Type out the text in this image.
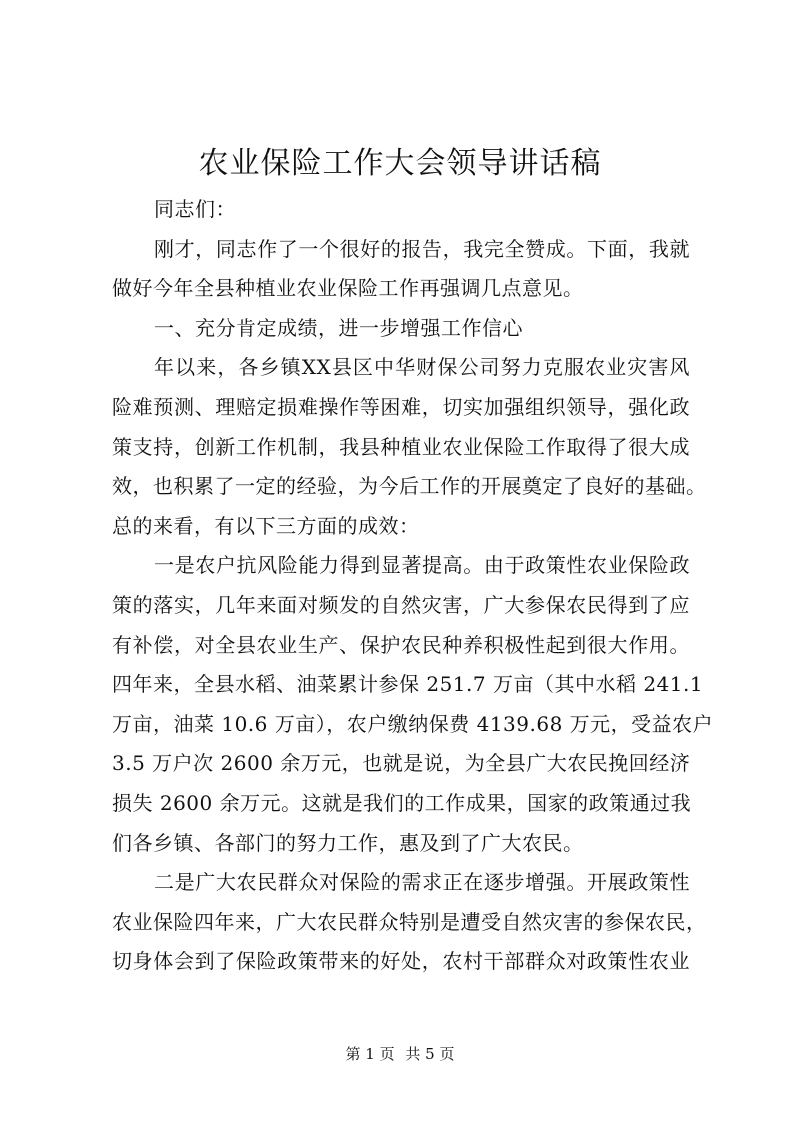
农业保险工作大会领导讲话稿
同志们：
刚才，同志作了一个很好的报告，我完全赞成。下面，我就
做好今年全县种植业农业保险工作再强调几点意见。
一、充分肯定成绩，进一步增强工作信心
年以来，各乡镇XX县区中华财保公司努力克服农业灾害风
险难预测、理赔定损难操作等困难，切实加强组织领导，强化政
策支持，创新工作机制，我县种植业农业保险工作取得了很大成
效，也积累了一定的经验，为今后工作的开展奠定了良好的基础。
总的来看，有以下三方面的成效：
一是农户抗风险能力得到显著提高。由于政策性农业保险政
策的落实，几年来面对频发的自然灾害，广大参保农民得到了应
有补偿，对全县农业生产、保护农民种养积极性起到很大作用。
四年来，全县水稻、油菜累计参保 251.7 万亩（其中水稻 241.1
万亩，油菜 10.6 万亩），农户缴纳保费 4139.68 万元，受益农户
3.5 万户次 2600 余万元，也就是说，为全县广大农民挽回经济
损失 2600 余万元。这就是我们的工作成果，国家的政策通过我
们各乡镇、各部门的努力工作，惠及到了广大农民。
二是广大农民群众对保险的需求正在逐步增强。开展政策性
农业保险四年来，广大农民群众特别是遭受自然灾害的参保农民，
切身体会到了保险政策带来的好处，农村干部群众对政策性农业
第 1 页 共 5 页
